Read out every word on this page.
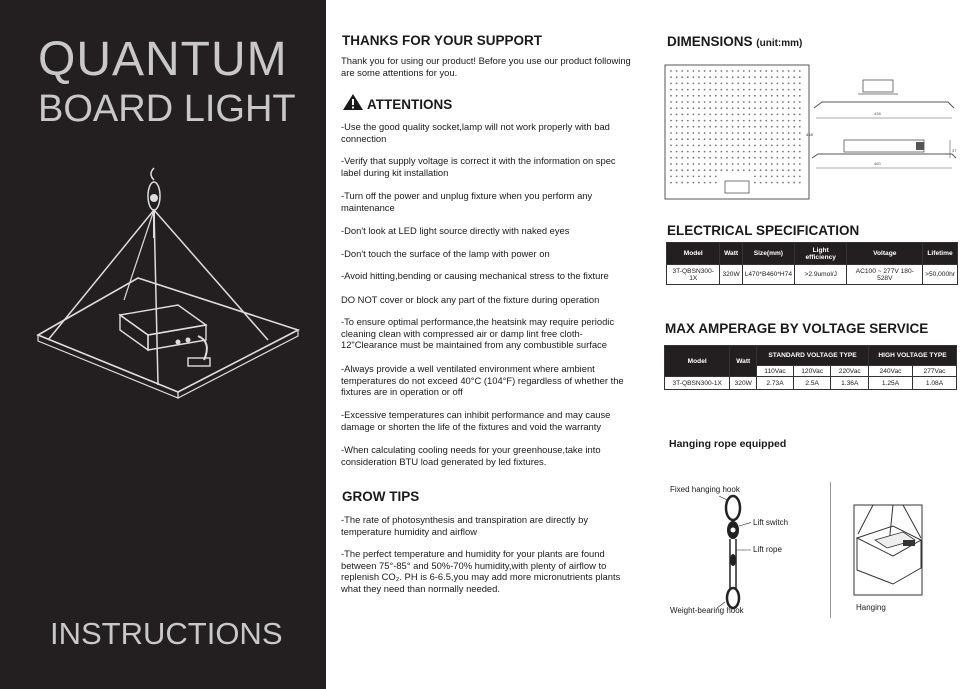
QUANTUM
BOARD LIGHT
INSTRUCTIONS
THANKS FOR YOUR SUPPORT
Thank you for using our product! Before you use our product following are some attentions for you.
ATTENTIONS
-Use the good quality socket,lamp will not work properly with bad connection
-Verify that supply voltage is correct it with the information on spec label during kit installation
-Turn off the power and unplug fixture when you perform any maintenance
-Don't look at LED light source directly with naked eyes
-Don't touch the surface of the lamp with power on
-Avoid hitting,bending or causing mechanical stress to the fixture
DO NOT cover or block any part of the fixture during operation
-To ensure optimal performance,the heatsink may require periodic cleaning clean with compressed air or damp lint free cloth-12"Clearance must be maintained from any combustible surface
-Always provide a well ventilated environment where ambient temperatures do not exceed 40°C (104°F) regardless of whether the fixtures are in operation or off
-Excessive temperatures can inhibit performance and may cause damage or shorten the life of the fixtures and void the warranty
-When calculating cooling needs for your greenhouse,take into consideration BTU load generated by led fixtures.
GROW TIPS
-The rate of photosynthesis and transpiration are directly by temperature humidity and airflow
-The perfect temperature and humidity for your plants are found between 75°-85° and 50%-70% humidity,with plenty of airflow to replenish CO₂. PH is 6-6.5,you may add more micronutrients plants what they need than normally needed.
DIMENSIONS (unit:mm)
438
460
37
418
ELECTRICAL SPECIFICATION
Model	Watt	Size(mm)	Light efficiency	Voltage	Lifetime
3T-QBSN300-1X	320W	L470*B460*H74	>2.9umol/J	AC100 ~ 277V 180-528V	>50,000hr
MAX AMPERAGE BY VOLTAGE SERVICE
Model	Watt	STANDARD VOLTAGE TYPE			HIGH VOLTAGE TYPE	
		110Vac	120Vac	220Vac	240Vac	277Vac
3T-QBSN300-1X	320W	2.73A	2.5A	1.36A	1.25A	1.08A
Hanging rope equipped
Fixed hanging hook
Lift switch
Lift rope
Weight-bearing hook	Hanging
